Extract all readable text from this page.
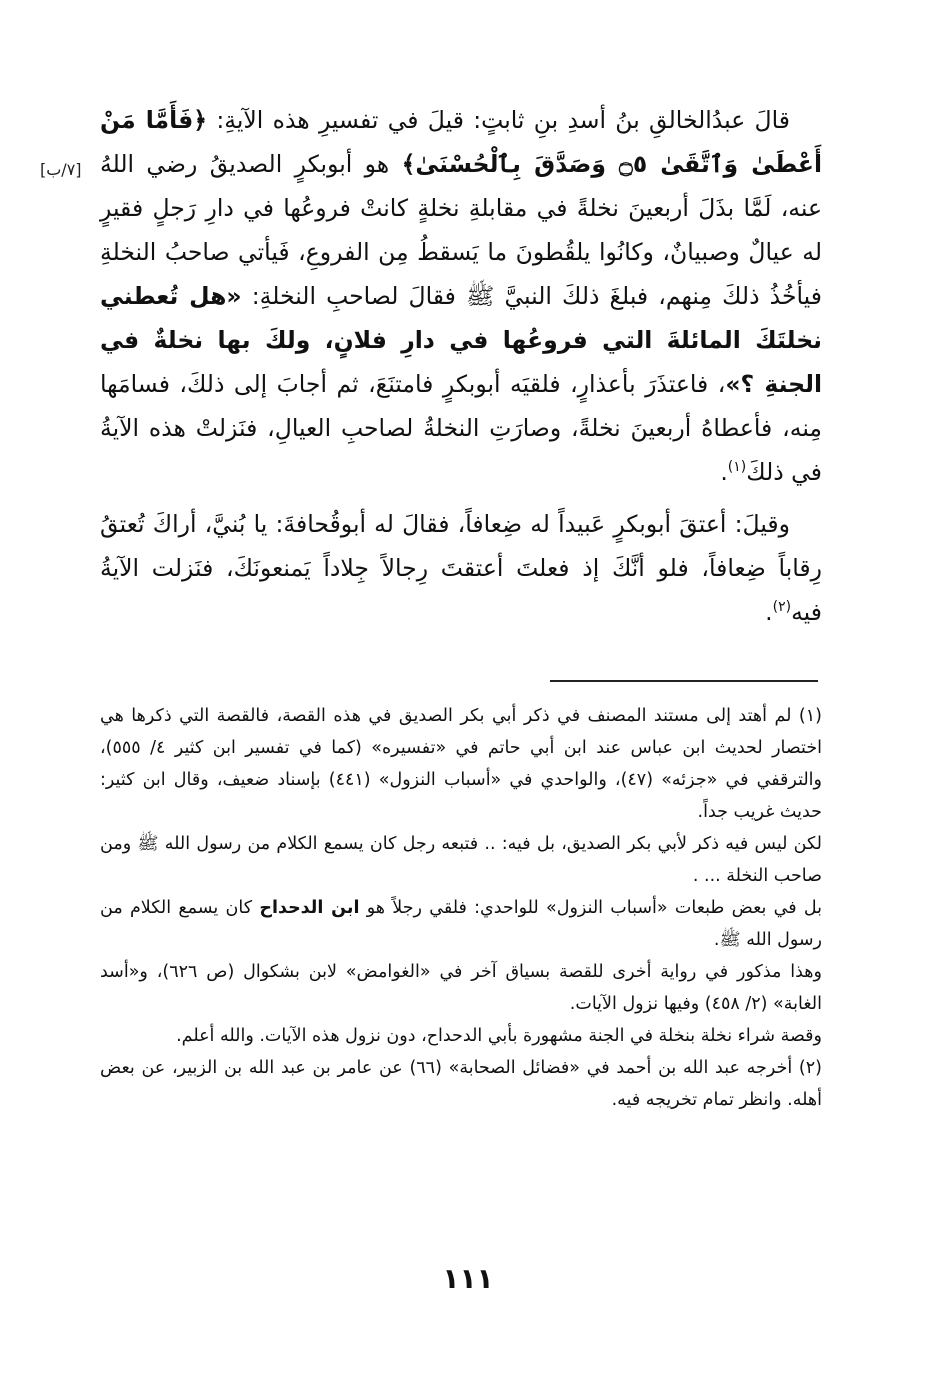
قالَ عبدُالخالقِ بنُ أسدِ بنِ ثابتٍ: قيلَ في تفسيرِ هذه الآيةِ: ﴿فَأَمَّا مَنْ أَعْطَىٰ وَٱتَّقَىٰ ۝٥ وَصَدَّقَ بِٱلْحُسْنَىٰ﴾ هو أبوبكرٍ الصديقُ رضي اللهُ عنه، لَمَّا بذَلَ أربعينَ نخلةً في مقابلةِ نخلةٍ كانتْ فروعُها في دارِ رَجلٍ فقيرٍ له عيالٌ وصبيانٌ، وكانُوا يلقُطونَ ما يَسقطُ مِن الفروعِ، فَيأتي صاحبُ النخلةِ فيأخُذُ ذلكَ مِنهم، فبلغَ ذلكَ النبيَّ ﷺ فقالَ لصاحبِ النخلةِ: «هل تُعطني نخلتَكَ المائلةَ التي فروعُها في دارِ فلانٍ، ولكَ بها نخلةٌ في الجنةِ ؟»، فاعتذَرَ بأعذارٍ، فلقيَه أبوبكرٍ فامتنَعَ، ثم أجابَ إلى ذلكَ، فسامَها مِنه، فأعطاهُ أربعينَ نخلةً، وصارَتِ النخلةُ لصاحبِ العيالِ، فنَزلتْ هذه الآيةُ في ذلكَ$^{(١)}$.

وقيلَ: أعتقَ أبوبكرٍ عَبيداً له ضِعافاً، فقالَ له أبوقُحافةَ: يا بُنيَّ، أراكَ تُعتقُ رِقاباً ضِعافاً، فلو أنَّكَ إذ فعلتَ أعتقتَ رِجالاً جِلاداً يَمنعونَكَ، فنَزلت الآيةُ فيه$^{(٢)}$.

[٧/ب]

(١) لم أهتد إلى مستند المصنف في ذكر أبي بكر الصديق في هذه القصة، فالقصة التي ذكرها هي اختصار لحديث ابن عباس عند ابن أبي حاتم في «تفسيره» (كما في تفسير ابن كثير ٤/ ٥٥٥)، والترقفي في «جزئه» (٤٧)، والواحدي في «أسباب النزول» (٤٤١) بإسناد ضعيف، وقال ابن كثير: حديث غريب جداً.

لكن ليس فيه ذكر لأبي بكر الصديق، بل فيه: .. فتبعه رجل كان يسمع الكلام من رسول الله ﷺ ومن صاحب النخلة ... .

بل في بعض طبعات «أسباب النزول» للواحدي: فلقي رجلاً هو ابن الدحداح كان يسمع الكلام من رسول الله ﷺ.

وهذا مذكور في رواية أخرى للقصة بسياق آخر في «الغوامض» لابن بشكوال (ص ٦٢٦)، و«أسد الغابة» (٢/ ٤٥٨) وفيها نزول الآيات.

وقصة شراء نخلة بنخلة في الجنة مشهورة بأبي الدحداح، دون نزول هذه الآيات. والله أعلم.

(٢) أخرجه عبد الله بن أحمد في «فضائل الصحابة» (٦٦) عن عامر بن عبد الله بن الزبير، عن بعض أهله. وانظر تمام تخريجه فيه.

١١١
